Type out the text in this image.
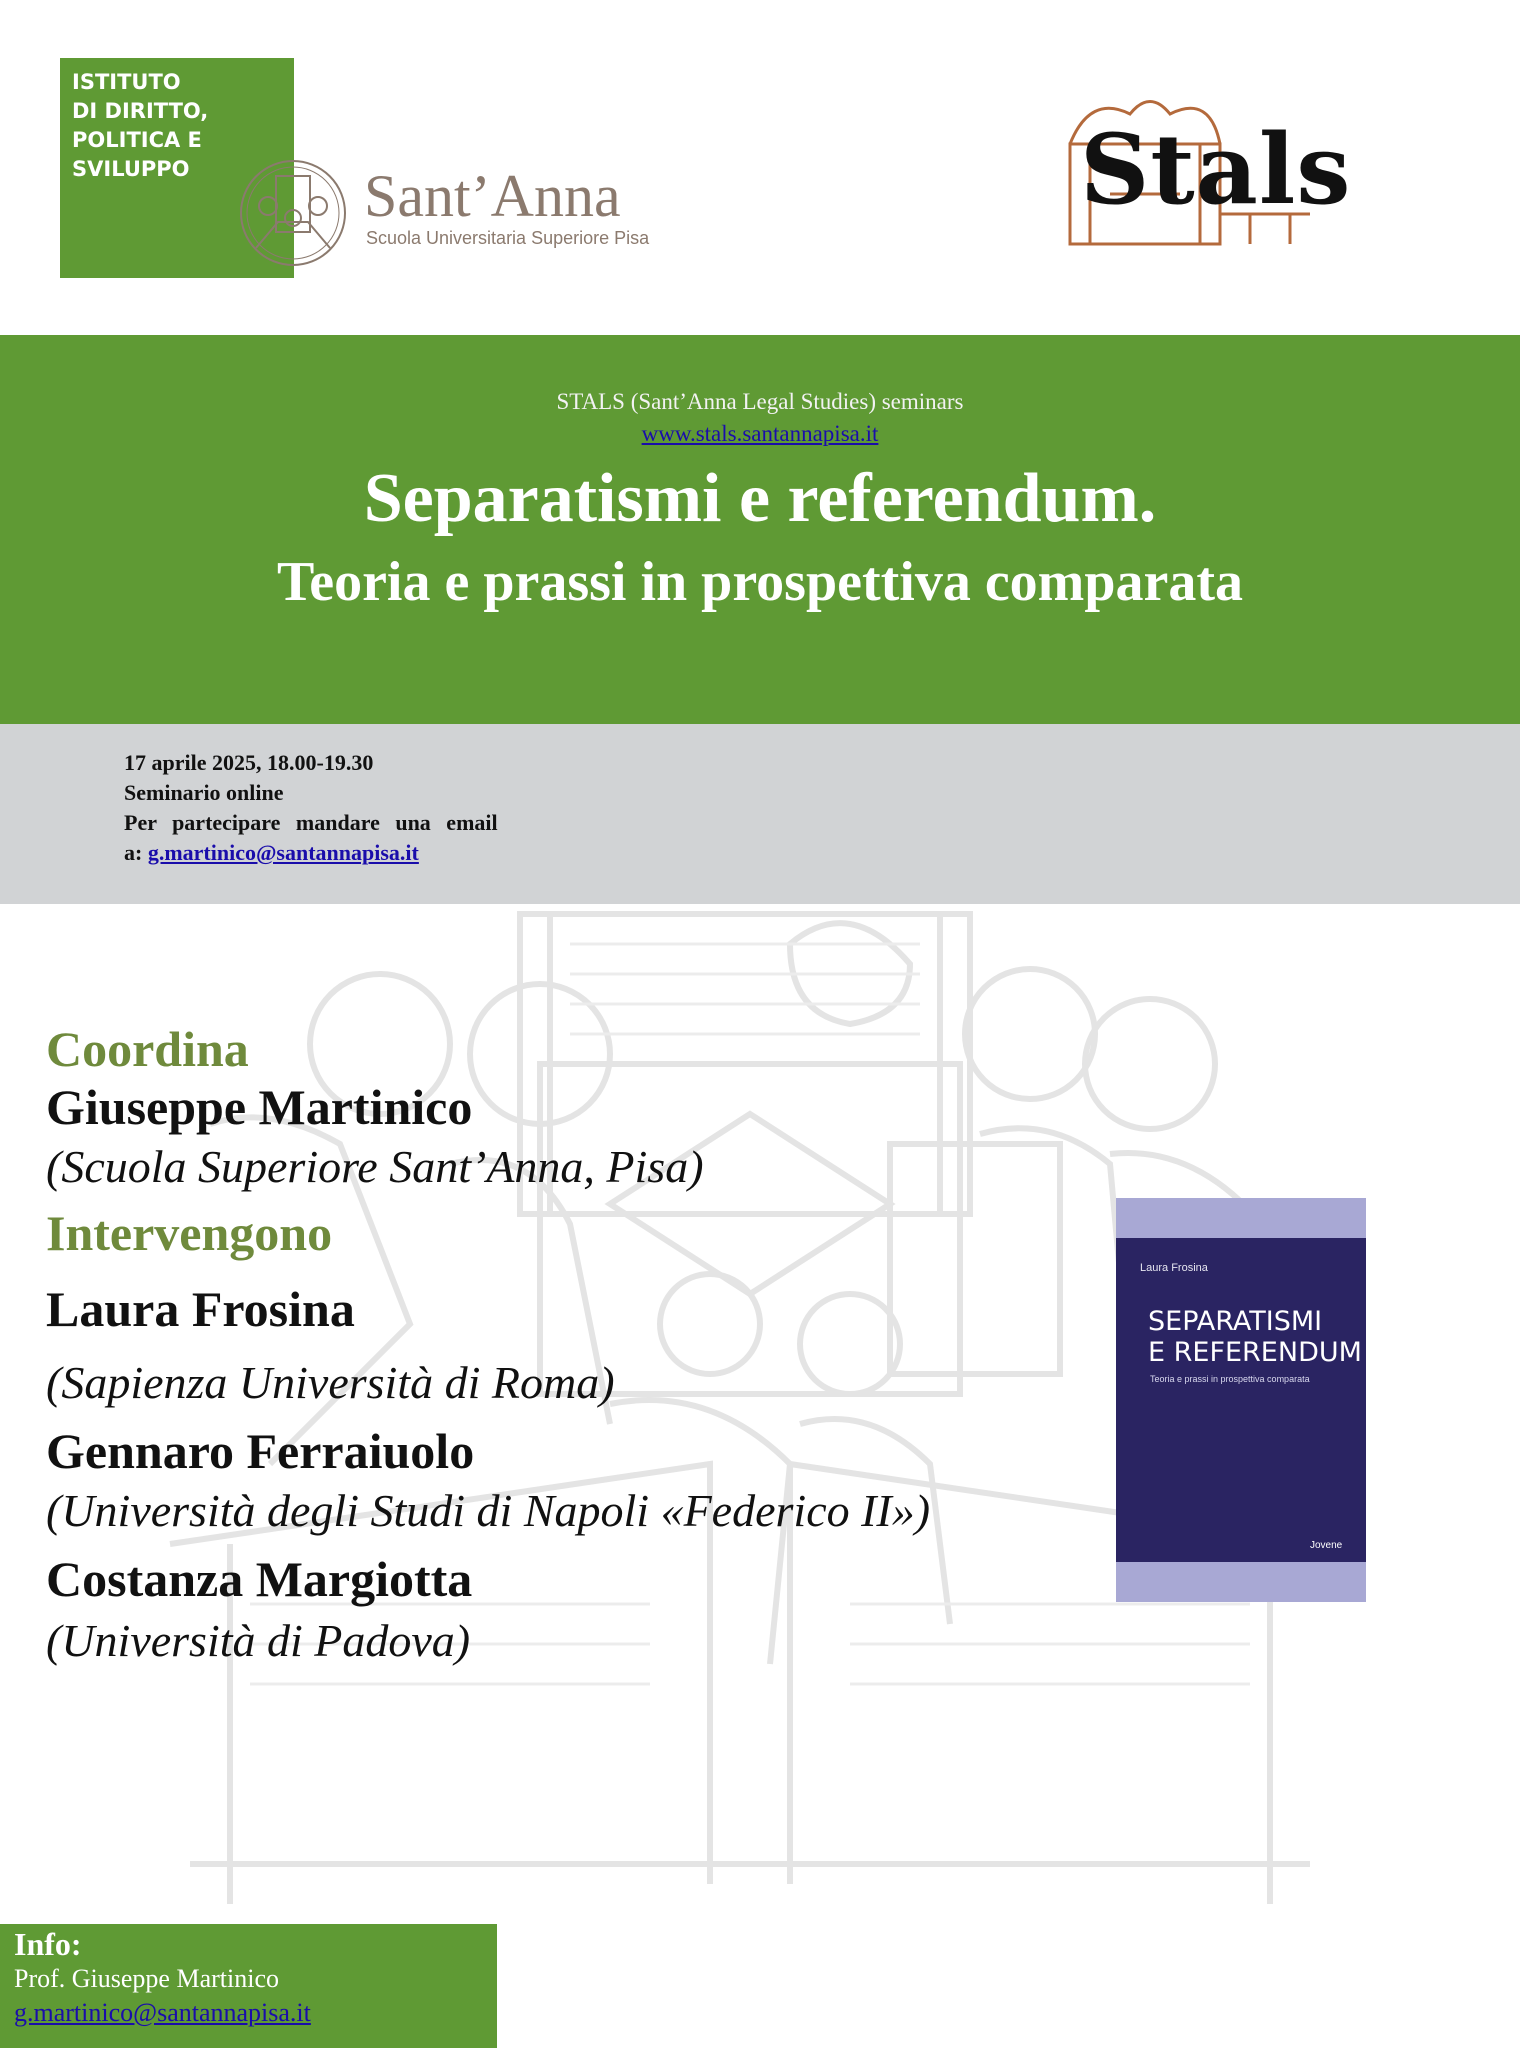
ISTITUTO
DI DIRITTO,
POLITICA E
SVILUPPO	Sant’Anna
Scuola Universitaria Superiore Pisa
Stals
STALS (Sant’Anna Legal Studies) seminars
www.stals.santannapisa.it
Separatismi e referendum.
Teoria e prassi in prospettiva comparata
17 aprile 2025, 18.00-19.30
Seminario online
Per partecipare mandare una email
a: g.martinico@santannapisa.it
Coordina
Giuseppe Martinico
(Scuola Superiore Sant’Anna, Pisa)
Intervengono
Laura Frosina
(Sapienza Università di Roma)
Gennaro Ferraiuolo
(Università degli Studi di Napoli «Federico II»)
Costanza Margiotta
(Università di Padova)
Laura Frosina
SEPARATISMI
E REFERENDUM
Teoria e prassi in prospettiva comparata
Jovene
Info:
Prof. Giuseppe Martinico
g.martinico@santannapisa.it
